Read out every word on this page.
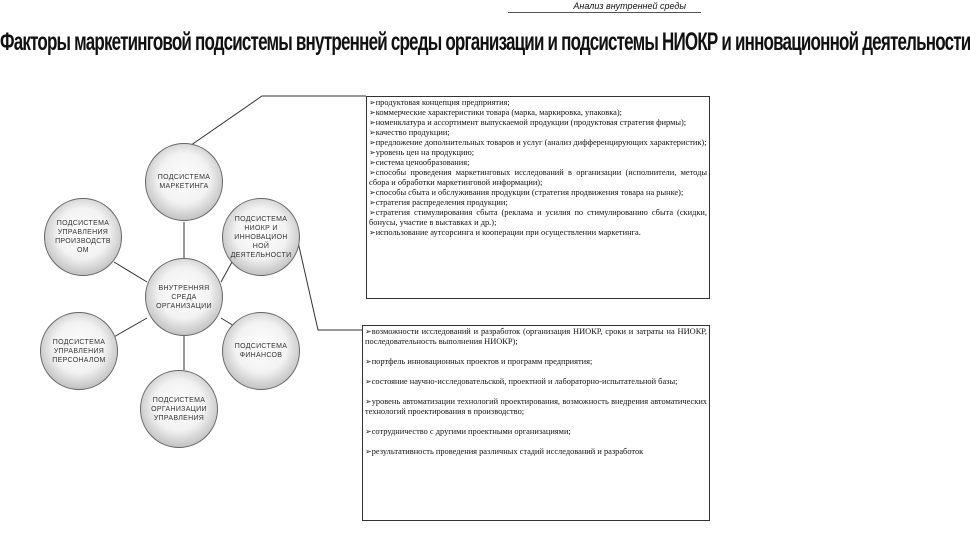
Анализ внутренней среды
Факторы маркетинговой подсистемы внутренней среды организации и подсистемы НИОКР и инновационной деятельности
ПОДСИСТЕМА
МАРКЕТИНГА
ПОДСИСТЕМА
УПРАВЛЕНИЯ
ПРОИЗВОДСТВ
ОМ
ПОДСИСТЕМА
НИОКР И
ИННОВАЦИОН
НОЙ
ДЕЯТЕЛЬНОСТИ
ВНУТРЕННЯЯ
СРЕДА
ОРГАНИЗАЦИИ
ПОДСИСТЕМА
УПРАВЛЕНИЯ
ПЕРСОНАЛОМ
ПОДСИСТЕМА
ФИНАНСОВ
ПОДСИСТЕМА
ОРГАНИЗАЦИИ
УПРАВЛЕНИЯ
➢продуктовая концепция предприятия;
➢коммерческие характеристики товара (марка, маркировка, упаковка);
➢номенклатура и ассортимент выпускаемой продукции (продуктовая стратегия фирмы);
➢качество продукции;
➢предложение дополнительных товаров и услуг (анализ дифференцирующих характеристик);
➢уровень цен на продукцию;
➢система ценообразования;
➢способы проведения маркетинговых исследований в организации (исполнители, методы сбора и обработки маркетинговой информации);
➢способы сбыта и обслуживания продукции (стратегия продвижения товара на рынке);
➢стратегия распределения продукции;
➢стратегия стимулирования сбыта (реклама и усилия по стимулированию сбыта (скидки, бонусы, участие в выставках и др.);
➢использование аутсорсинга и кооперации при осуществлении маркетинга.
➢возможности исследований и разработок (организация НИОКР, сроки и затраты на НИОКР, последовательность выполнения НИОКР);
➢портфель инновационных проектов и программ предприятия;
➢состояние научно-исследовательской, проектной и лабораторно-испытательной базы;
➢уровень автоматизации технологий проектирования, возможность внедрения автоматических технологий проектирования в производство;
➢сотрудничество с другими проектными организациями;
➢результативность проведения различных стадий исследований и разработок
